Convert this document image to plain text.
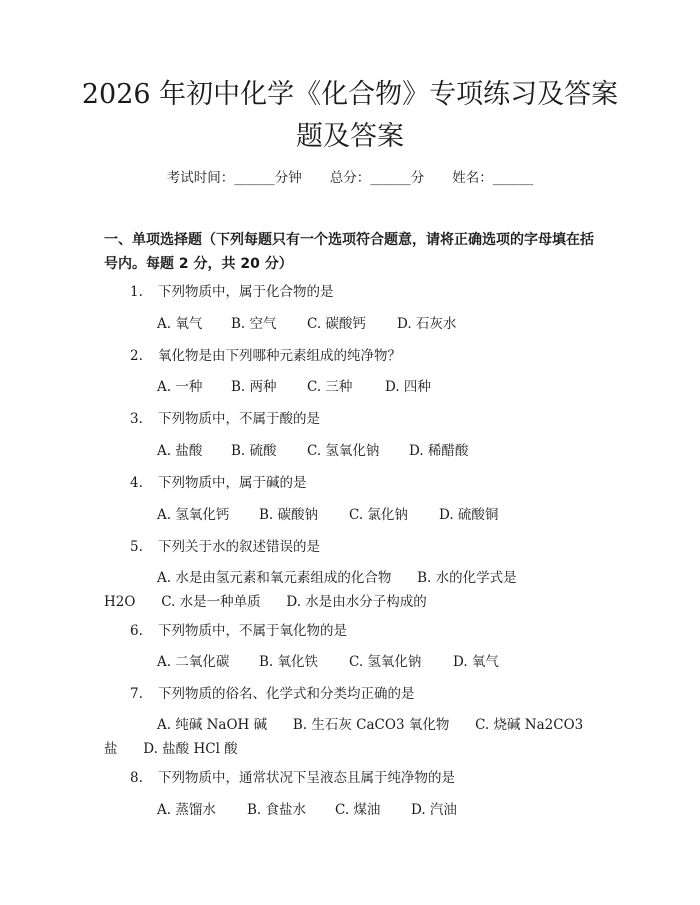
2026 年初中化学《化合物》专项练习及答案
题及答案
考试时间：______分钟 总分：______分 姓名：______
一、单项选择题（下列每题只有一个选项符合题意，请将正确选项的字母填在括
号内。每题 2 分，共 20 分）
1. 下列物质中，属于化合物的是
A. 氧气 B. 空气 C. 碳酸钙 D. 石灰水
2. 氧化物是由下列哪种元素组成的纯净物？
A. 一种 B. 两种 C. 三种 D. 四种
3. 下列物质中，不属于酸的是
A. 盐酸 B. 硫酸 C. 氢氧化钠 D. 稀醋酸
4. 下列物质中，属于碱的是
A. 氢氧化钙 B. 碳酸钠 C. 氯化钠 D. 硫酸铜
5. 下列关于水的叙述错误的是
A. 水是由氢元素和氧元素组成的化合物 B. 水的化学式是 H2O C. 水是一种单质 D. 水是由水分子构成的
6. 下列物质中，不属于氧化物的是
A. 二氧化碳 B. 氧化铁 C. 氢氧化钠 D. 氧气
7. 下列物质的俗名、化学式和分类均正确的是
A. 纯碱 NaOH 碱 B. 生石灰 CaCO3 氧化物 C. 烧碱 Na2CO3 盐 D. 盐酸 HCl 酸
8. 下列物质中，通常状况下呈液态且属于纯净物的是
A. 蒸馏水 B. 食盐水 C. 煤油 D. 汽油
